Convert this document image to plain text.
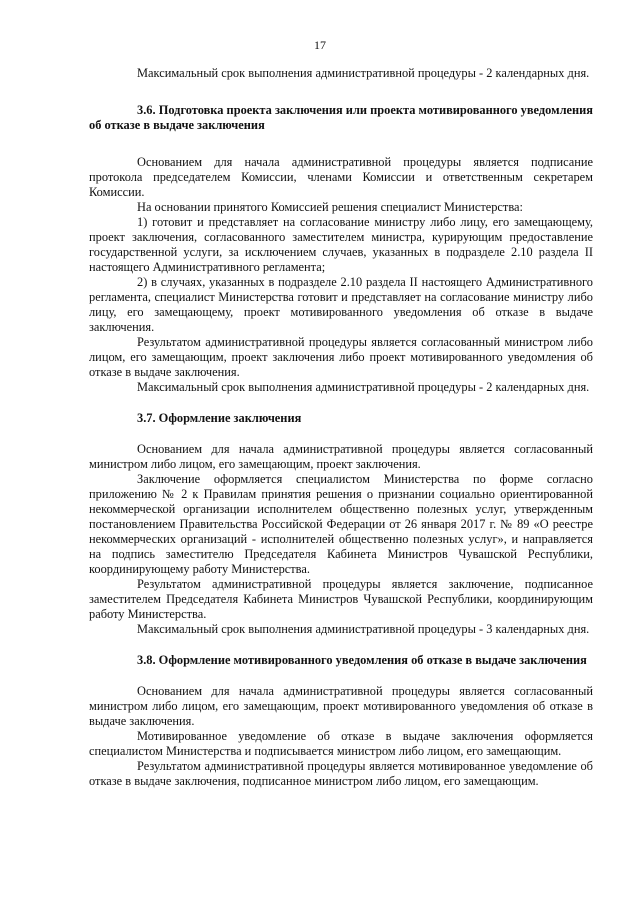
17

Максимальный срок выполнения административной процедуры - 2 календарных дня.

3.6. Подготовка проекта заключения или проекта мотивированного уведомления об отказе в выдаче заключения

Основанием для начала административной процедуры является подписание протокола председателем Комиссии, членами Комиссии и ответственным секретарем Комиссии.

На основании принятого Комиссией решения специалист Министерства:

1) готовит и представляет на согласование министру либо лицу, его замещающему, проект заключения, согласованного заместителем министра, курирующим предоставление государственной услуги, за исключением случаев, указанных в подразделе 2.10 раздела II настоящего Административного регламента;

2) в случаях, указанных в подразделе 2.10 раздела II настоящего Административного регламента, специалист Министерства готовит и представляет на согласование министру либо лицу, его замещающему, проект мотивированного уведомления об отказе в выдаче заключения.

Результатом административной процедуры является согласованный министром либо лицом, его замещающим, проект заключения либо проект мотивированного уведомления об отказе в выдаче заключения.

Максимальный срок выполнения административной процедуры - 2 календарных дня.

3.7. Оформление заключения

Основанием для начала административной процедуры является согласованный министром либо лицом, его замещающим, проект заключения.

Заключение оформляется специалистом Министерства по форме согласно приложению № 2 к Правилам принятия решения о признании социально ориентированной некоммерческой организации исполнителем общественно полезных услуг, утвержденным постановлением Правительства Российской Федерации от 26 января 2017 г. № 89 «О реестре некоммерческих организаций - исполнителей общественно полезных услуг», и направляется на подпись заместителю Председателя Кабинета Министров Чувашской Республики, координирующему работу Министерства.

Результатом административной процедуры является заключение, подписанное заместителем Председателя Кабинета Министров Чувашской Республики, координирующим работу Министерства.

Максимальный срок выполнения административной процедуры - 3 календарных дня.

3.8. Оформление мотивированного уведомления об отказе в выдаче заключения

Основанием для начала административной процедуры является согласованный министром либо лицом, его замещающим, проект мотивированного уведомления об отказе в выдаче заключения.

Мотивированное уведомление об отказе в выдаче заключения оформляется специалистом Министерства и подписывается министром либо лицом, его замещающим.

Результатом административной процедуры является мотивированное уведомление об отказе в выдаче заключения, подписанное министром либо лицом, его замещающим.
